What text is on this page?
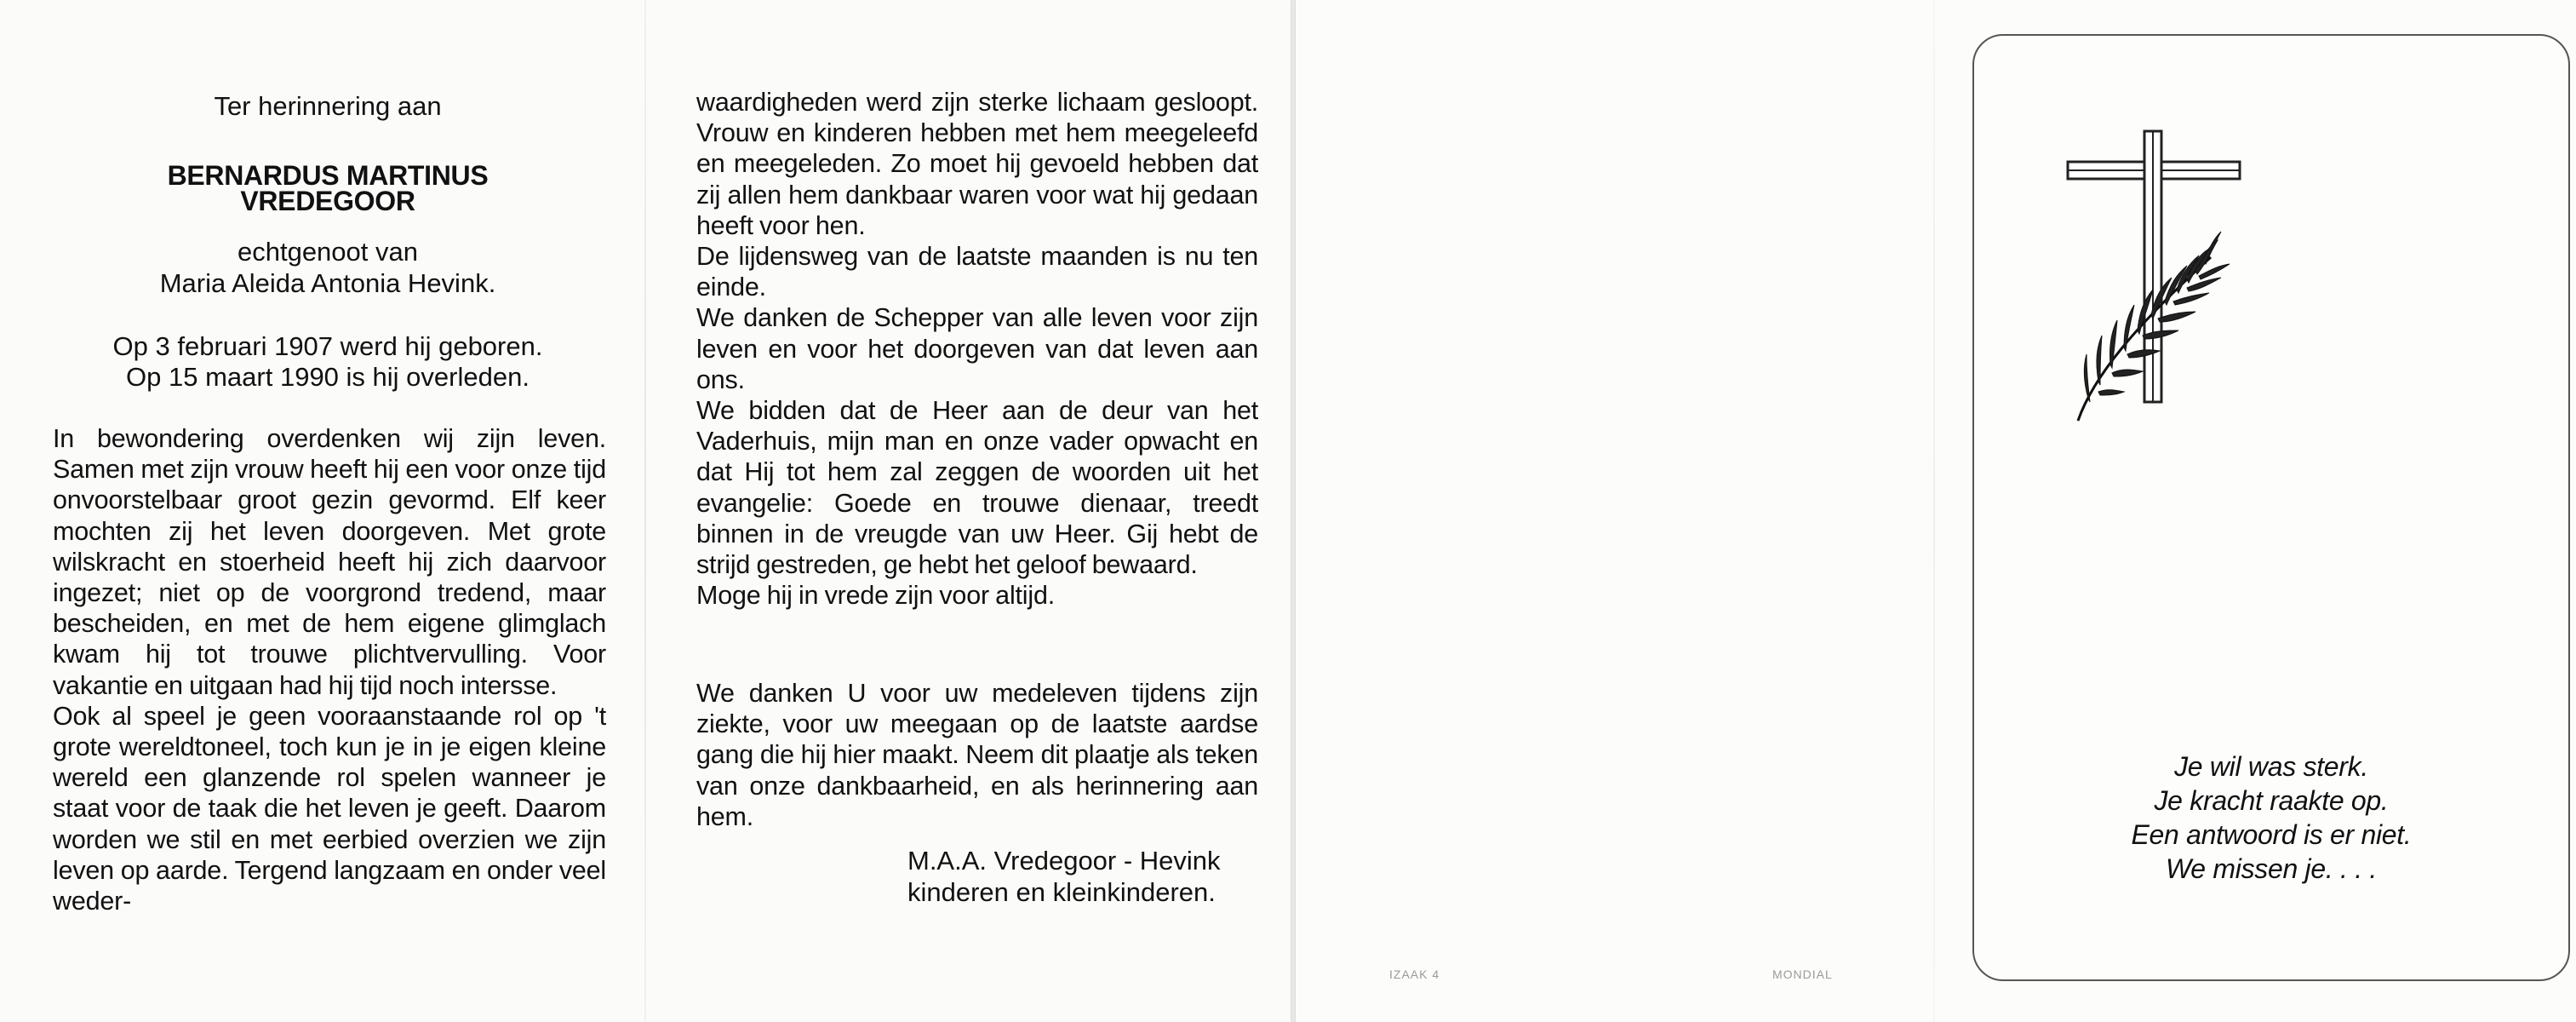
Ter herinnering aan
BERNARDUS MARTINUS
VREDEGOOR
echtgenoot van
Maria Aleida Antonia Hevink.
Op 3 februari 1907 werd hij geboren.
Op 15 maart 1990 is hij overleden.

In bewondering overdenken wij zijn leven. Samen met zijn vrouw heeft hij een voor onze tijd onvoorstelbaar groot gezin gevormd. Elf keer mochten zij het leven doorgeven. Met grote wilskracht en stoerheid heeft hij zich daarvoor ingezet; niet op de voorgrond tredend, maar bescheiden, en met de hem eigene glimglach kwam hij tot trouwe plichtvervulling. Voor vakantie en uitgaan had hij tijd noch intersse.

Ook al speel je geen vooraanstaande rol op 't grote wereldtoneel, toch kun je in je eigen kleine wereld een glanzende rol spelen wanneer je staat voor de taak die het leven je geeft. Daarom worden we stil en met eerbied overzien we zijn leven op aarde. Tergend langzaam en onder veel weder-

waardigheden werd zijn sterke lichaam gesloopt. Vrouw en kinderen hebben met hem meegeleefd en meegeleden. Zo moet hij gevoeld hebben dat zij allen hem dankbaar waren voor wat hij gedaan heeft voor hen.

De lijdensweg van de laatste maanden is nu ten einde.

We danken de Schepper van alle leven voor zijn leven en voor het doorgeven van dat leven aan ons.

We bidden dat de Heer aan de deur van het Vaderhuis, mijn man en onze vader opwacht en dat Hij tot hem zal zeggen de woorden uit het evangelie: Goede en trouwe dienaar, treedt binnen in de vreugde van uw Heer. Gij hebt de strijd gestreden, ge hebt het geloof bewaard.

Moge hij in vrede zijn voor altijd.

We danken U voor uw medeleven tijdens zijn ziekte, voor uw meegaan op de laatste aardse gang die hij hier maakt. Neem dit plaatje als teken van onze dankbaarheid, en als herinnering aan hem.

M.A.A. Vredegoor - Hevink
kinderen en kleinkinderen.
IZAAK 4	MONDIAL
Je wil was sterk.
Je kracht raakte op.
Een antwoord is er niet.
We missen je. . . .
